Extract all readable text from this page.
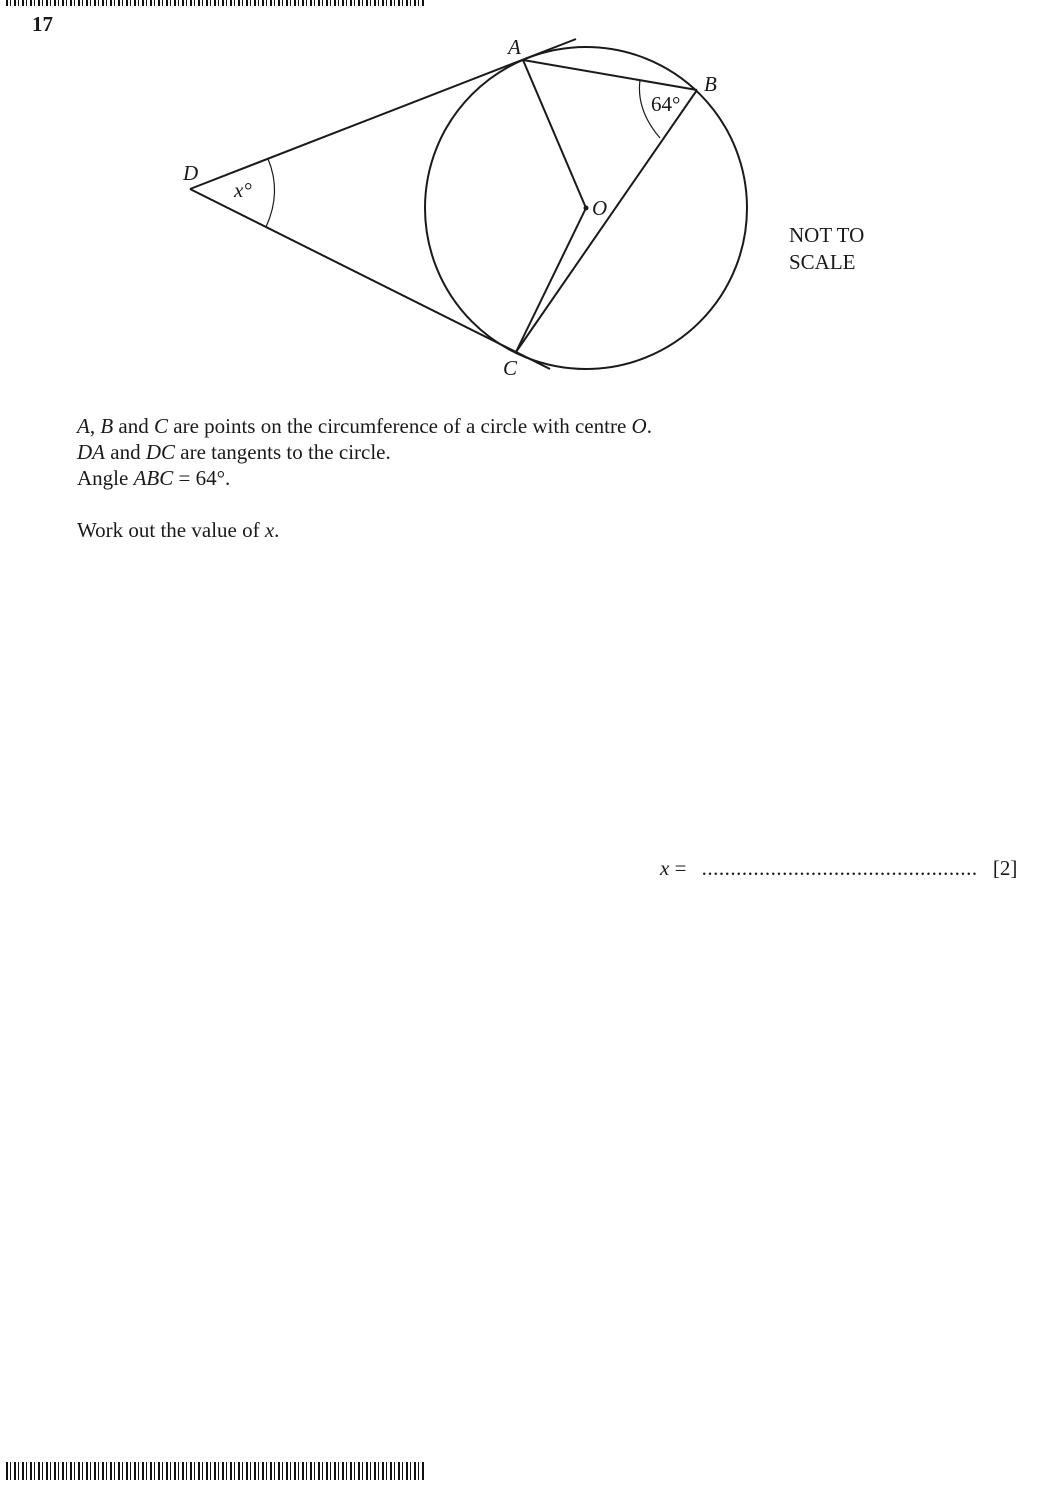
17
A
B
C
D
O
64°
x°
NOT TO
SCALE

A, B and C are points on the circumference of a circle with centre O.

DA and DC are tangents to the circle.

Angle ABC = 64°.

Work out the value of x.

x = ................................................ [2]
